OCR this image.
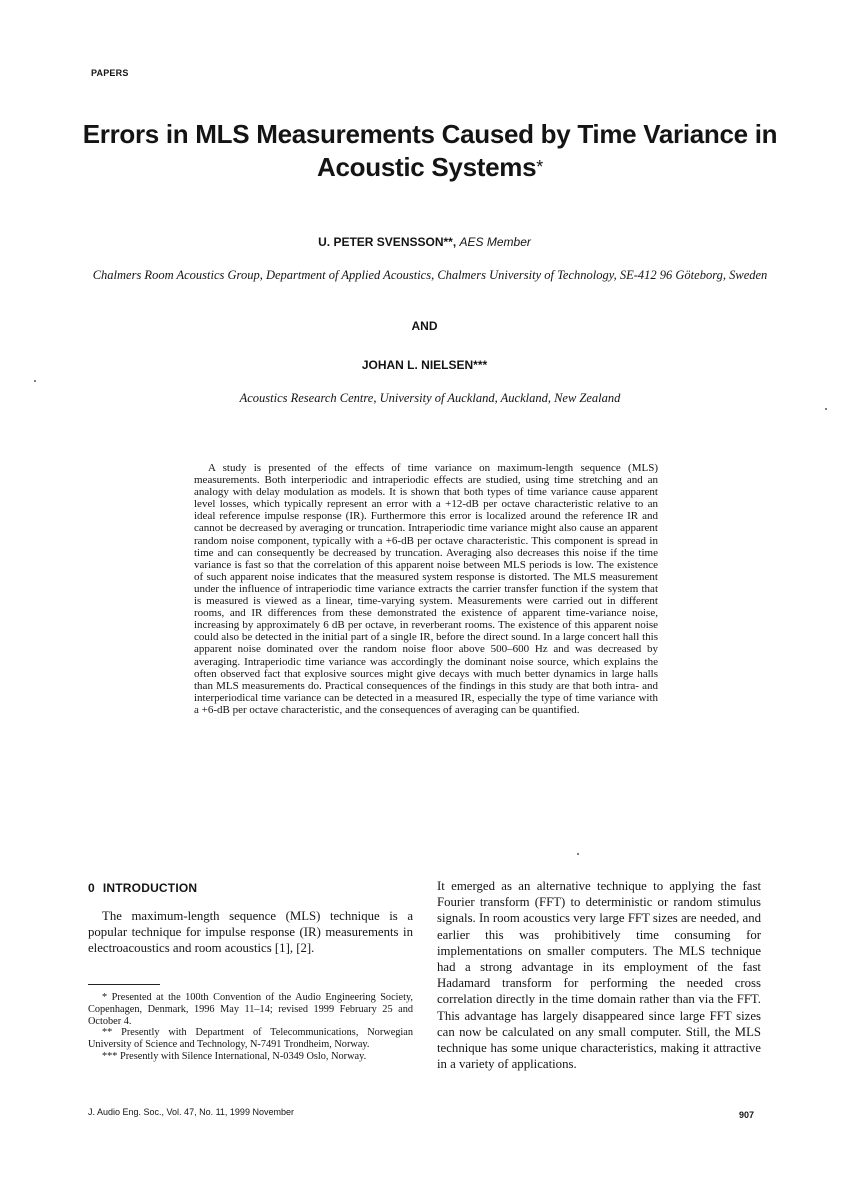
PAPERS
Errors in MLS Measurements Caused by Time Variance in Acoustic Systems*
U. PETER SVENSSON**, AES Member
Chalmers Room Acoustics Group, Department of Applied Acoustics, Chalmers University of Technology, SE-412 96 Göteborg, Sweden
AND
JOHAN L. NIELSEN***
Acoustics Research Centre, University of Auckland, Auckland, New Zealand
A study is presented of the effects of time variance on maximum-length sequence (MLS) measurements. Both interperiodic and intraperiodic effects are studied, using time stretching and an analogy with delay modulation as models. It is shown that both types of time variance cause apparent level losses, which typically represent an error with a +12-dB per octave characteristic relative to an ideal reference impulse response (IR). Furthermore this error is localized around the reference IR and cannot be decreased by averaging or truncation. Intraperiodic time variance might also cause an apparent random noise component, typically with a +6-dB per octave characteristic. This component is spread in time and can consequently be decreased by truncation. Averaging also decreases this noise if the time variance is fast so that the correlation of this apparent noise between MLS periods is low. The existence of such apparent noise indicates that the measured system response is distorted. The MLS measurement under the influence of intraperiodic time variance extracts the carrier transfer function if the system that is measured is viewed as a linear, time-varying system. Measurements were carried out in different rooms, and IR differences from these demonstrated the existence of apparent time-variance noise, increasing by approximately 6 dB per octave, in reverberant rooms. The existence of this apparent noise could also be detected in the initial part of a single IR, before the direct sound. In a large concert hall this apparent noise dominated over the random noise floor above 500–600 Hz and was decreased by averaging. Intraperiodic time variance was accordingly the dominant noise source, which explains the often observed fact that explosive sources might give decays with much better dynamics in large halls than MLS measurements do. Practical consequences of the findings in this study are that both intra- and interperiodical time variance can be detected in a measured IR, especially the type of time variance with a +6-dB per octave characteristic, and the consequences of averaging can be quantified.
0 INTRODUCTION
The maximum-length sequence (MLS) technique is a popular technique for impulse response (IR) measurements in electroacoustics and room acoustics [1], [2].

* Presented at the 100th Convention of the Audio Engineering Society, Copenhagen, Denmark, 1996 May 11–14; revised 1999 February 25 and October 4.

** Presently with Department of Telecommunications, Norwegian University of Science and Technology, N-7491 Trondheim, Norway.

*** Presently with Silence International, N-0349 Oslo, Norway.

It emerged as an alternative technique to applying the fast Fourier transform (FFT) to deterministic or random stimulus signals. In room acoustics very large FFT sizes are needed, and earlier this was prohibitively time consuming for implementations on smaller computers. The MLS technique had a strong advantage in its employment of the fast Hadamard transform for performing the needed cross correlation directly in the time domain rather than via the FFT. This advantage has largely disappeared since large FFT sizes can now be calculated on any small computer. Still, the MLS technique has some unique characteristics, making it attractive in a variety of applications.
J. Audio Eng. Soc., Vol. 47, No. 11, 1999 November	907
